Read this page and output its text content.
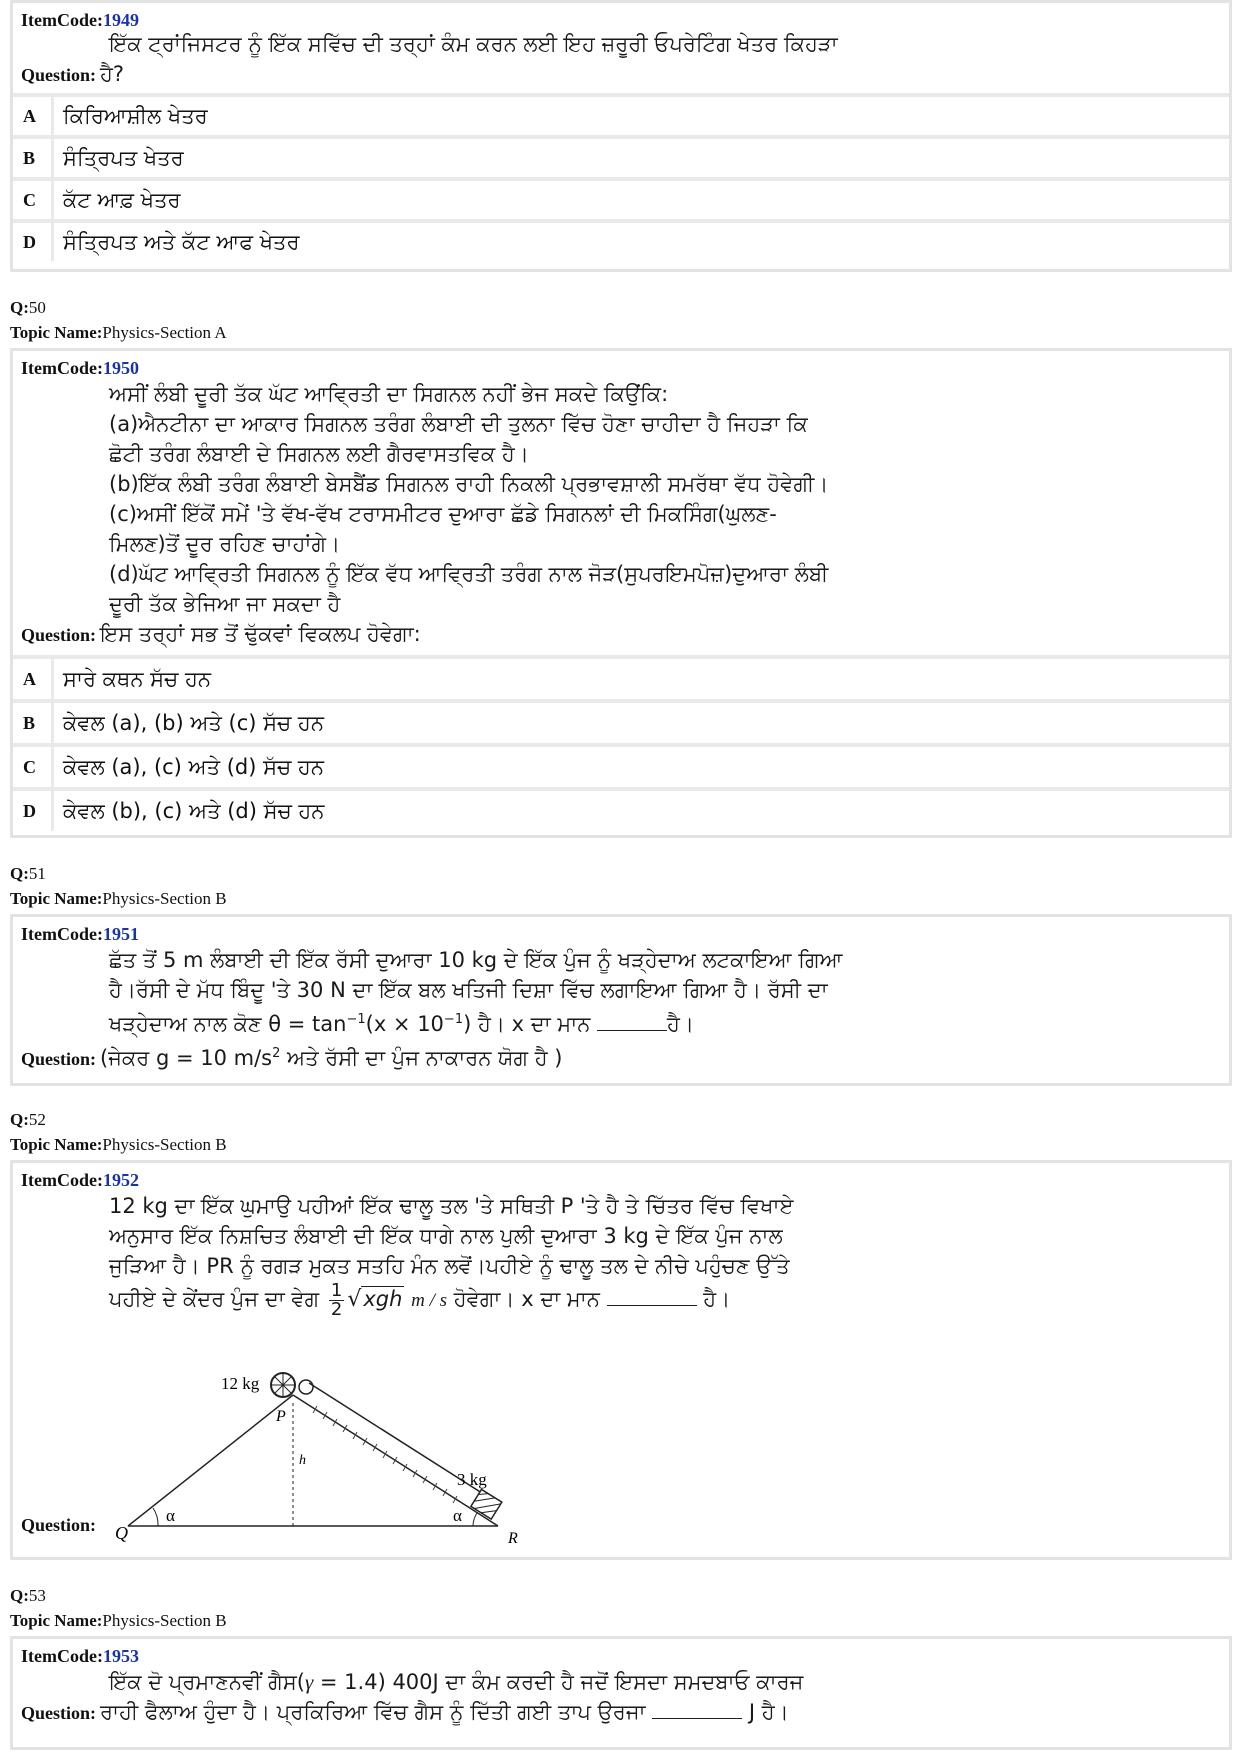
ItemCode:1949
ਇੱਕ ਟ੍ਰਾਂਜਿਸਟਰ ਨੂੰ ਇੱਕ ਸਵਿੱਚ ਦੀ ਤਰ੍ਹਾਂ ਕੰਮ ਕਰਨ ਲਈ ਇਹ ਜ਼ਰੂਰੀ ਓਪਰੇਟਿੰਗ ਖੇਤਰ ਕਿਹੜਾ
Question: ਹੈ?
A ਕਿਰਿਆਸ਼ੀਲ ਖੇਤਰ
B ਸੰਤ੍ਰਿਪਤ ਖੇਤਰ
C ਕੱਟ ਆਫ਼ ਖੇਤਰ
D ਸੰਤ੍ਰਿਪਤ ਅਤੇ ਕੱਟ ਆਫ ਖੇਤਰ
Q:50
Topic Name:Physics-Section A
ItemCode:1950
ਅਸੀਂ ਲੰਬੀ ਦੂਰੀ ਤੱਕ ਘੱਟ ਆਵ੍ਰਿਤੀ ਦਾ ਸਿਗਨਲ ਨਹੀਂ ਭੇਜ ਸਕਦੇ ਕਿਉਂਕਿ:
(a)ਐਨਟੀਨਾ ਦਾ ਆਕਾਰ ਸਿਗਨਲ ਤਰੰਗ ਲੰਬਾਈ ਦੀ ਤੁਲਨਾ ਵਿੱਚ ਹੋਣਾ ਚਾਹੀਦਾ ਹੈ ਜਿਹੜਾ ਕਿ
ਛੋਟੀ ਤਰੰਗ ਲੰਬਾਈ ਦੇ ਸਿਗਨਲ ਲਈ ਗੈਰਵਾਸਤਵਿਕ ਹੈ।
(b)ਇੱਕ ਲੰਬੀ ਤਰੰਗ ਲੰਬਾਈ ਬੇਸਬੈਂਡ ਸਿਗਨਲ ਰਾਹੀ ਨਿਕਲੀ ਪ੍ਰਭਾਵਸ਼ਾਲੀ ਸਮਰੱਥਾ ਵੱਧ ਹੋਵੇਗੀ।
(c)ਅਸੀਂ ਇੱਕੋਂ ਸਮੇਂ 'ਤੇ ਵੱਖ-ਵੱਖ ਟਰਾਸਮੀਟਰ ਦੁਆਰਾ ਛੱਡੇ ਸਿਗਨਲਾਂ ਦੀ ਮਿਕਸਿੰਗ(ਘੁਲਣ-
ਮਿਲਣ)ਤੋਂ ਦੂਰ ਰਹਿਣ ਚਾਹਾਂਗੇ।
(d)ਘੱਟ ਆਵ੍ਰਿਤੀ ਸਿਗਨਲ ਨੂੰ ਇੱਕ ਵੱਧ ਆਵ੍ਰਿਤੀ ਤਰੰਗ ਨਾਲ ਜੋੜ(ਸੁਪਰਇਮਪੋਜ਼)ਦੁਆਰਾ ਲੰਬੀ
ਦੂਰੀ ਤੱਕ ਭੇਜਿਆ ਜਾ ਸਕਦਾ ਹੈ
Question: ਇਸ ਤਰ੍ਹਾਂ ਸਭ ਤੋਂ ਢੁੱਕਵਾਂ ਵਿਕਲਪ ਹੋਵੇਗਾ:
A ਸਾਰੇ ਕਥਨ ਸੱਚ ਹਨ
B ਕੇਵਲ (a), (b) ਅਤੇ (c) ਸੱਚ ਹਨ
C ਕੇਵਲ (a), (c) ਅਤੇ (d) ਸੱਚ ਹਨ
D ਕੇਵਲ (b), (c) ਅਤੇ (d) ਸੱਚ ਹਨ
Q:51
Topic Name:Physics-Section B
ItemCode:1951
ਛੱਤ ਤੋਂ 5 m ਲੰਬਾਈ ਦੀ ਇੱਕ ਰੱਸੀ ਦੁਆਰਾ 10 kg ਦੇ ਇੱਕ ਪੁੰਜ ਨੂੰ ਖੜ੍ਹੇਦਾਅ ਲਟਕਾਇਆ ਗਿਆ
ਹੈ।ਰੱਸੀ ਦੇ ਮੱਧ ਬਿੰਦੂ 'ਤੇ 30 N ਦਾ ਇੱਕ ਬਲ ਖਤਿਜੀ ਦਿਸ਼ਾ ਵਿੱਚ ਲਗਾਇਆ ਗਿਆ ਹੈ। ਰੱਸੀ ਦਾ
ਖੜ੍ਹੇਦਾਅ ਨਾਲ ਕੋਣ $\theta = \tan^{-1}(x \times 10^{-1})$ ਹੈ। x ਦਾ ਮਾਨ	ਹੈ।
Question: (ਜੇਕਰ g = 10 $m/s^2$ ਅਤੇ ਰੱਸੀ ਦਾ ਪੁੰਜ ਨਾਕਾਰਨ ਯੋਗ ਹੈ )
Q:52
Topic Name:Physics-Section B
ItemCode:1952
12 kg ਦਾ ਇੱਕ ਘੁਮਾਉ ਪਹੀਆਂ ਇੱਕ ਢਾਲੂ ਤਲ 'ਤੇ ਸਥਿਤੀ P 'ਤੇ ਹੈ ਤੇ ਚਿੱਤਰ ਵਿੱਚ ਵਿਖਾਏ
ਅਨੁਸਾਰ ਇੱਕ ਨਿਸ਼ਚਿਤ ਲੰਬਾਈ ਦੀ ਇੱਕ ਧਾਗੇ ਨਾਲ ਪੁਲੀ ਦੁਆਰਾ 3 kg ਦੇ ਇੱਕ ਪੁੰਜ ਨਾਲ
ਜੁੜਿਆ ਹੈ। PR ਨੂੰ ਰਗੜ ਮੁਕਤ ਸਤਹਿ ਮੰਨ ਲਵੋਂ।ਪਹੀਏ ਨੂੰ ਢਾਲੂ ਤਲ ਦੇ ਨੀਚੇ ਪਹੁੰਚਣ ਉੱਤੇ
ਪਹੀਏ ਦੇ ਕੇਂਦਰ ਪੁੰਜ ਦਾ ਵੇਗ $\frac{1}{2} √xgh$ m / s ਹੋਵੇਗਾ। x ਦਾ ਮਾਨ	ਹੈ।
Question:
12 kg
P
h
3 kg
α	α
Q	R
Q:53
Topic Name:Physics-Section B
ItemCode:1953
ਇੱਕ ਦੋ ਪ੍ਰਮਾਣਨਵੀਂ ਗੈਸ(γ = 1.4) 400J ਦਾ ਕੰਮ ਕਰਦੀ ਹੈ ਜਦੋਂ ਇਸਦਾ ਸਮਦਬਾਓ ਕਾਰਜ
Question: ਰਾਹੀ ਫੈਲਾਅ ਹੁੰਦਾ ਹੈ। ਪ੍ਰਕਿਰਿਆ ਵਿੱਚ ਗੈਸ ਨੂੰ ਦਿੱਤੀ ਗਈ ਤਾਪ ਉਰਜਾ	J ਹੈ।
